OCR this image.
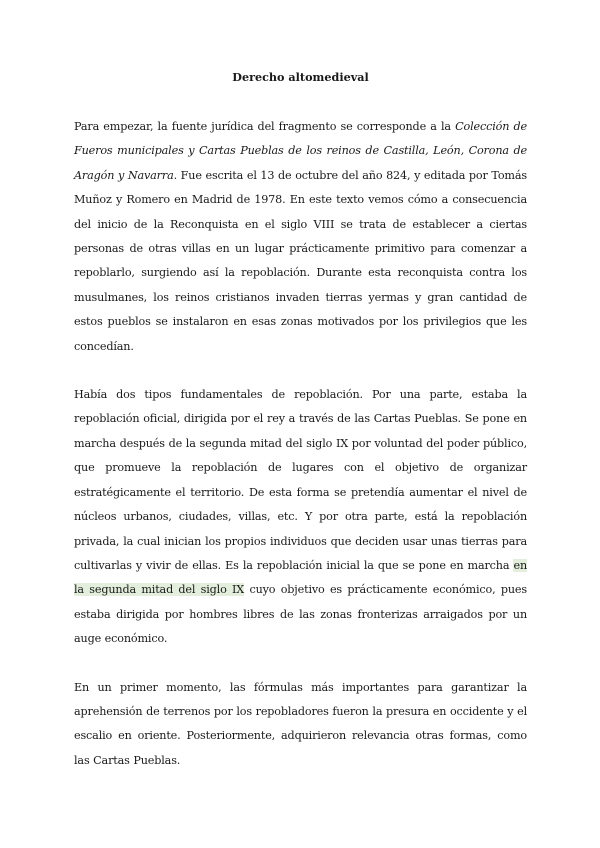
Derecho altomedieval

Para empezar, la fuente jurídica del fragmento se corresponde a la Colección de Fueros municipales y Cartas Pueblas de los reinos de Castilla, León, Corona de Aragón y Navarra. Fue escrita el 13 de octubre del año 824, y editada por Tomás Muñoz y Romero en Madrid de 1978. En este texto vemos cómo a consecuencia del inicio de la Reconquista en el siglo VIII se trata de establecer a ciertas personas de otras villas en un lugar prácticamente primitivo para comenzar a repoblarlo, surgiendo así la repoblación. Durante esta reconquista contra los musulmanes, los reinos cristianos invaden tierras yermas y gran cantidad de estos pueblos se instalaron en esas zonas motivados por los privilegios que les concedían.

Había dos tipos fundamentales de repoblación. Por una parte, estaba la repoblación oficial, dirigida por el rey a través de las Cartas Pueblas. Se pone en marcha después de la segunda mitad del siglo IX por voluntad del poder público, que promueve la repoblación de lugares con el objetivo de organizar estratégicamente el territorio. De esta forma se pretendía aumentar el nivel de núcleos urbanos, ciudades, villas, etc. Y por otra parte, está la repoblación privada, la cual inician los propios individuos que deciden usar unas tierras para cultivarlas y vivir de ellas. Es la repoblación inicial la que se pone en marcha en la segunda mitad del siglo IX cuyo objetivo es prácticamente económico, pues estaba dirigida por hombres libres de las zonas fronterizas arraigados por un auge económico.

En un primer momento, las fórmulas más importantes para garantizar la aprehensión de terrenos por los repobladores fueron la presura en occidente y el escalio en oriente. Posteriormente, adquirieron relevancia otras formas, como las Cartas Pueblas.
